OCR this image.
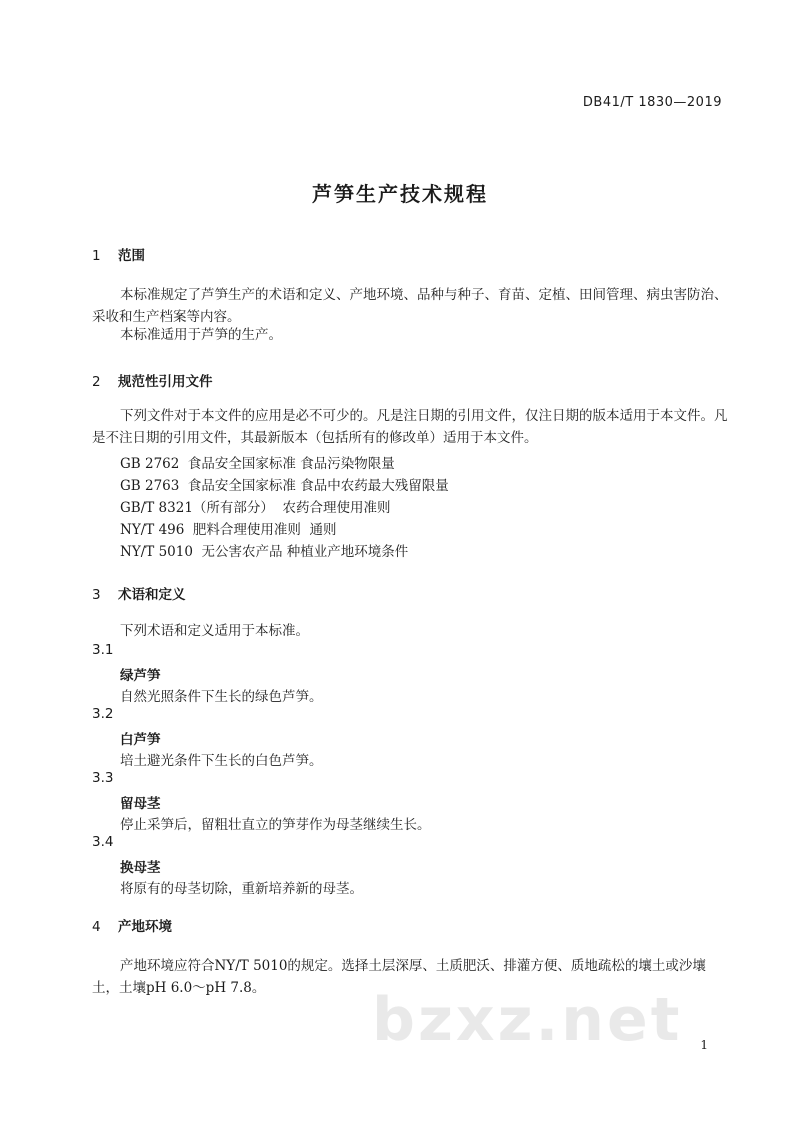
DB41/T 1830—2019
芦笋生产技术规程
1 范围
本标准规定了芦笋生产的术语和定义、产地环境、品种与种子、育苗、定植、田间管理、病虫害防治、采收和生产档案等内容。
本标准适用于芦笋的生产。
2 规范性引用文件
下列文件对于本文件的应用是必不可少的。凡是注日期的引用文件，仅注日期的版本适用于本文件。凡是不注日期的引用文件，其最新版本（包括所有的修改单）适用于本文件。
GB 2762  食品安全国家标准 食品污染物限量
GB 2763  食品安全国家标准 食品中农药最大残留限量
GB/T 8321（所有部分）  农药合理使用准则
NY/T 496  肥料合理使用准则  通则
NY/T 5010  无公害农产品 种植业产地环境条件
3 术语和定义
下列术语和定义适用于本标准。
3.1
绿芦笋
自然光照条件下生长的绿色芦笋。
3.2
白芦笋
培土避光条件下生长的白色芦笋。
3.3
留母茎
停止采笋后，留粗壮直立的笋芽作为母茎继续生长。
3.4
换母茎
将原有的母茎切除，重新培养新的母茎。
4 产地环境
产地环境应符合NY/T 5010的规定。选择土层深厚、土质肥沃、排灌方便、质地疏松的壤土或沙壤土，土壤pH 6.0～pH 7.8。	bzxz.net 1
